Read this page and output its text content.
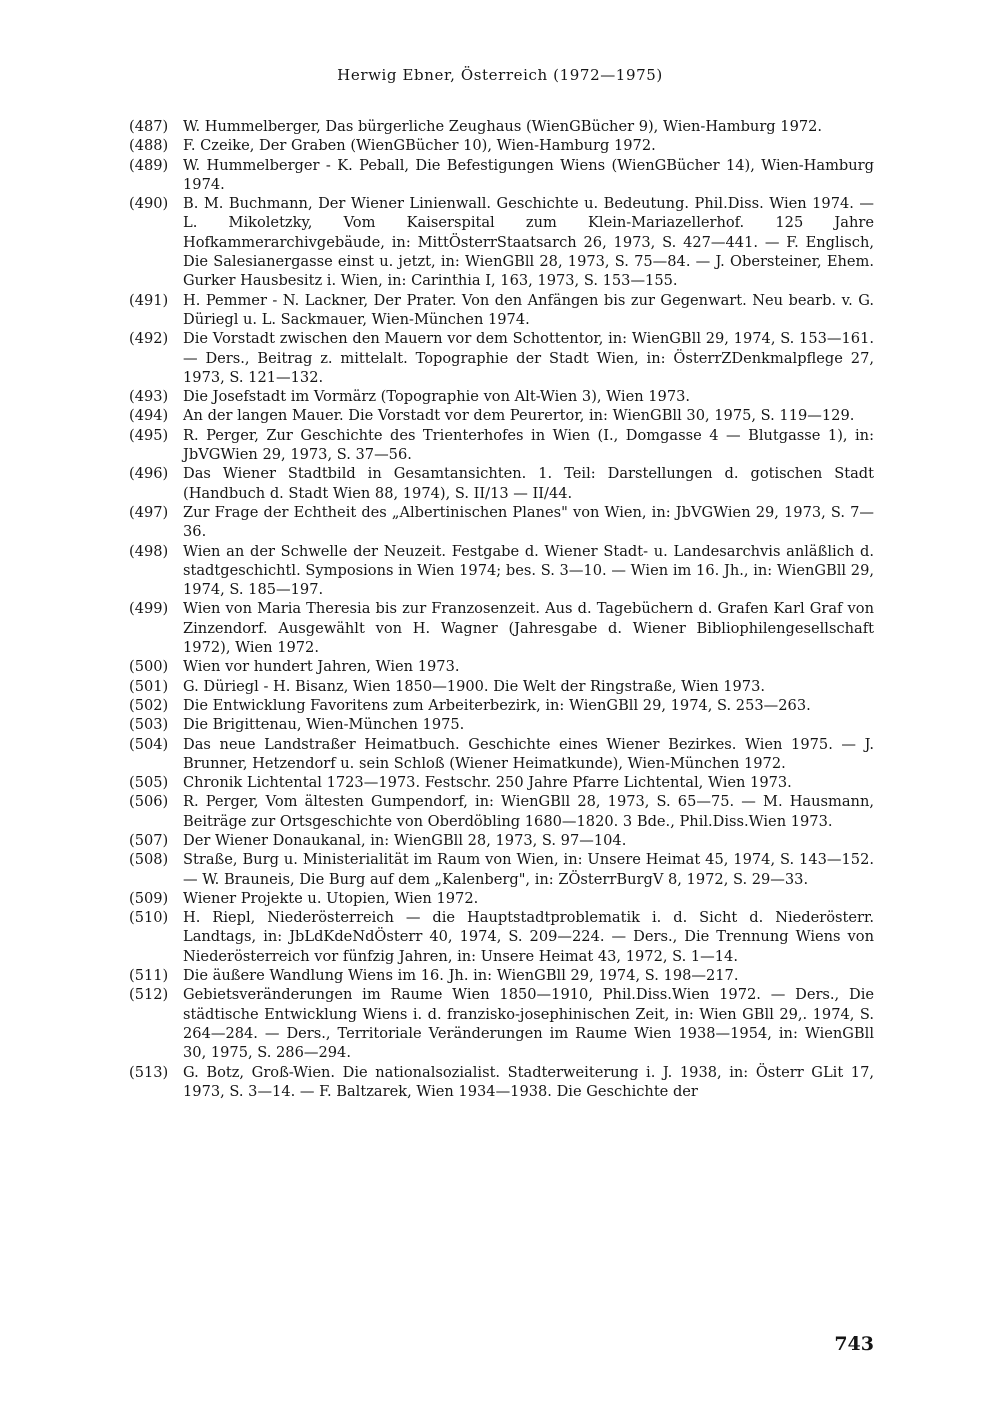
Herwig Ebner, Österreich (1972—1975)
(487) W. Hummelberger, Das bürgerliche Zeughaus (WienGBücher 9), Wien-Hamburg 1972.
(488) F. Czeike, Der Graben (WienGBücher 10), Wien-Hamburg 1972.
(489) W. Hummelberger - K. Peball, Die Befestigungen Wiens (WienGBücher 14), Wien-Hamburg 1974.
(490) B. M. Buchmann, Der Wiener Linienwall. Geschichte u. Bedeutung. Phil.Diss. Wien 1974. — L. Mikoletzky, Vom Kaiserspital zum Klein-Mariazellerhof. 125 Jahre Hofkammerarchivgebäude, in: MittÖsterrStaatsarch 26, 1973, S. 427—441. — F. Englisch, Die Salesianergasse einst u. jetzt, in: WienGBll 28, 1973, S. 75—84. — J. Obersteiner, Ehem. Gurker Hausbesitz i. Wien, in: Carinthia I, 163, 1973, S. 153—155.
(491) H. Pemmer - N. Lackner, Der Prater. Von den Anfängen bis zur Gegenwart. Neu bearb. v. G. Düriegl u. L. Sackmauer, Wien-München 1974.
(492) Die Vorstadt zwischen den Mauern vor dem Schottentor, in: WienGBll 29, 1974, S. 153—161. — Ders., Beitrag z. mittelalt. Topographie der Stadt Wien, in: ÖsterrZDenkmalpflege 27, 1973, S. 121—132.
(493) Die Josefstadt im Vormärz (Topographie von Alt-Wien 3), Wien 1973.
(494) An der langen Mauer. Die Vorstadt vor dem Peurertor, in: WienGBll 30, 1975, S. 119—129.
(495) R. Perger, Zur Geschichte des Trienterhofes in Wien (I., Domgasse 4 — Blutgasse 1), in: JbVGWien 29, 1973, S. 37—56.
(496) Das Wiener Stadtbild in Gesamtansichten. 1. Teil: Darstellungen d. gotischen Stadt (Handbuch d. Stadt Wien 88, 1974), S. II/13 — II/44.
(497) Zur Frage der Echtheit des „Albertinischen Planes" von Wien, in: JbVGWien 29, 1973, S. 7—36.
(498) Wien an der Schwelle der Neuzeit. Festgabe d. Wiener Stadt- u. Landesarchvis anläßlich d. stadtgeschichtl. Symposions in Wien 1974; bes. S. 3—10. — Wien im 16. Jh., in: WienGBll 29, 1974, S. 185—197.
(499) Wien von Maria Theresia bis zur Franzosenzeit. Aus d. Tagebüchern d. Grafen Karl Graf von Zinzendorf. Ausgewählt von H. Wagner (Jahresgabe d. Wiener Bibliophilengesellschaft 1972), Wien 1972.
(500) Wien vor hundert Jahren, Wien 1973.
(501) G. Düriegl - H. Bisanz, Wien 1850—1900. Die Welt der Ringstraße, Wien 1973.
(502) Die Entwicklung Favoritens zum Arbeiterbezirk, in: WienGBll 29, 1974, S. 253—263.
(503) Die Brigittenau, Wien-München 1975.
(504) Das neue Landstraßer Heimatbuch. Geschichte eines Wiener Bezirkes. Wien 1975. — J. Brunner, Hetzendorf u. sein Schloß (Wiener Heimatkunde), Wien-München 1972.
(505) Chronik Lichtental 1723—1973. Festschr. 250 Jahre Pfarre Lichtental, Wien 1973.
(506) R. Perger, Vom ältesten Gumpendorf, in: WienGBll 28, 1973, S. 65—75. — M. Hausmann, Beiträge zur Ortsgeschichte von Oberdöbling 1680—1820. 3 Bde., Phil.Diss.Wien 1973.
(507) Der Wiener Donaukanal, in: WienGBll 28, 1973, S. 97—104.
(508) Straße, Burg u. Ministerialität im Raum von Wien, in: Unsere Heimat 45, 1974, S. 143—152. — W. Brauneis, Die Burg auf dem „Kalenberg", in: ZÖsterrBurgV 8, 1972, S. 29—33.
(509) Wiener Projekte u. Utopien, Wien 1972.
(510) H. Riepl, Niederösterreich — die Hauptstadtproblematik i. d. Sicht d. Niederösterr. Landtags, in: JbLdKdeNdÖsterr 40, 1974, S. 209—224. — Ders., Die Trennung Wiens von Niederösterreich vor fünfzig Jahren, in: Unsere Heimat 43, 1972, S. 1—14.
(511) Die äußere Wandlung Wiens im 16. Jh. in: WienGBll 29, 1974, S. 198—217.
(512) Gebietsveränderungen im Raume Wien 1850—1910, Phil.Diss.Wien 1972. — Ders., Die städtische Entwicklung Wiens i. d. franzisko-josephinischen Zeit, in: Wien GBll 29,. 1974, S. 264—284. — Ders., Territoriale Veränderungen im Raume Wien 1938—1954, in: WienGBll 30, 1975, S. 286—294.
(513) G. Botz, Groß-Wien. Die nationalsozialist. Stadterweiterung i. J. 1938, in: Österr GLit 17, 1973, S. 3—14. — F. Baltzarek, Wien 1934—1938. Die Geschichte der
743
